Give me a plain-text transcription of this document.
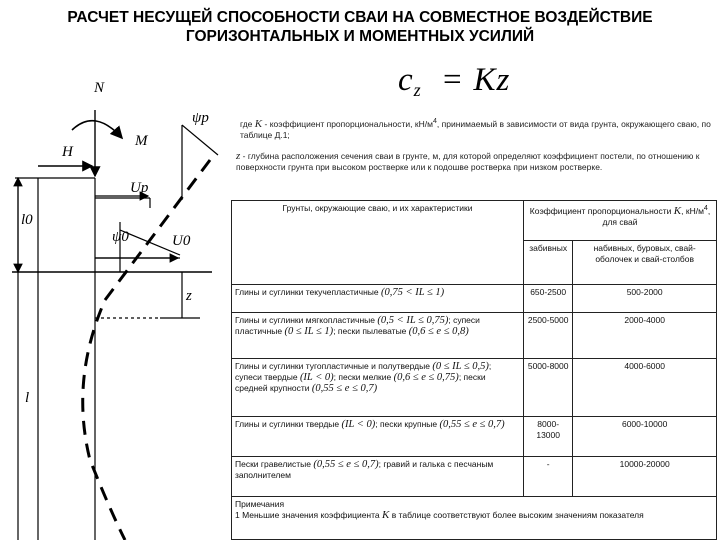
РАСЧЕТ НЕСУЩЕЙ СПОСОБНОСТИ СВАИ НА СОВМЕСТНОЕ ВОЗДЕЙСТВИЕ
ГОРИЗОНТАЛЬНЫХ И МОМЕНТНЫХ УСИЛИЙ
N
H
M
ψp
Up
ψ0	U0
l0
z
l
$c_z = Kz$
где K - коэффициент пропорциональности, $кН/м^4$, принимаемый в зависимости от вида грунта, окружающего сваю, по таблице Д.1;
z - глубина расположения сечения сваи в грунте, м, для которой определяют коэффициент постели, по отношению к поверхности грунта при высоком ростверке или к подошве ростверка при низком ростверке.
Грунты, окружающие сваю, и их характеристики	Коэффициент пропорциональности K, $кН/м^4$, для свай	
	забивных	набивных, буровых, свай-оболочек и свай-столбов
Глины и суглинки текучепластичные (0,75 < IL ≤ 1)	650-2500	500-2000
Глины и суглинки мягкопластичные (0,5 < IL ≤ 0,75); супеси пластичные (0 ≤ IL ≤ 1); пески пылеватые (0,6 ≤ e ≤ 0,8)	2500-5000	2000-4000
Глины и суглинки тугопластичные и полутвердые (0 ≤ IL ≤ 0,5); супеси твердые (IL < 0); пески мелкие (0,6 ≤ e ≤ 0,75); пески средней крупности (0,55 ≤ e ≤ 0,7)	5000-8000	4000-6000
Глины и суглинки твердые (IL < 0); пески крупные (0,55 ≤ e ≤ 0,7)	8000-13000	6000-10000
Пески гравелистые (0,55 ≤ e ≤ 0,7); гравий и галька с песчаным заполнителем	-	10000-20000

Примечания
1 Меньшие значения коэффициента K в таблице соответствуют более высоким значениям показателя		
